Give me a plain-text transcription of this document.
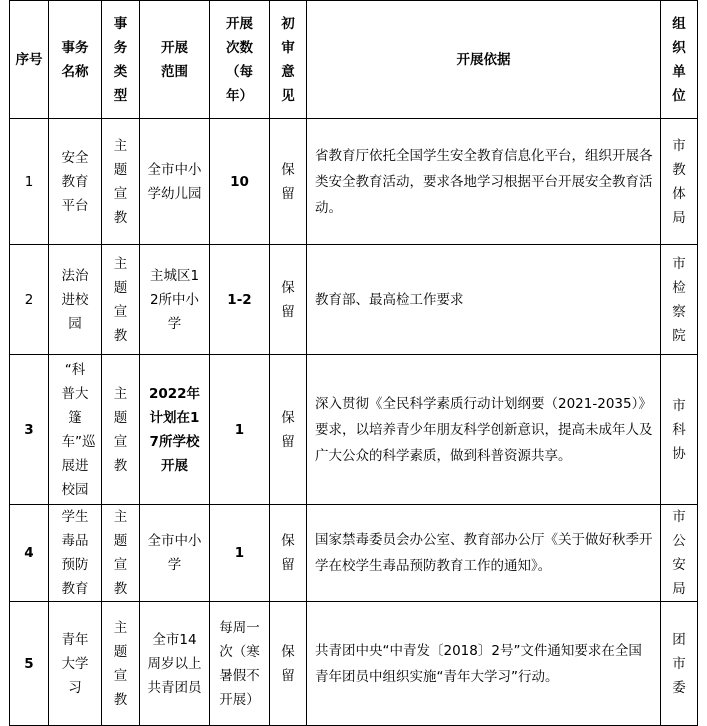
序号	事务名称	事务类型	开展范围	开展次数（每年）	初审意见	开展依据	组织单位
1	安全教育平台	主题宣教	全市中小学幼儿园	10	保留	省教育厅依托全国学生安全教育信息化平台，组织开展各类安全教育活动，要求各地学习根据平台开展安全教育活动。	市教体局
2	法治进校园	主题宣教	主城区12所中小学	1-2	保留	教育部、最高检工作要求	市检察院
3	“科普大篷车”巡展进校园	主题宣教	2022年计划在17所学校开展	1	保留	深入贯彻《全民科学素质行动计划纲要（2021-2035）》要求，以培养青少年朋友科学创新意识，提高未成年人及广大公众的科学素质，做到科普资源共享。	市科协
4	学生毒品预防教育	主题宣教	全市中小学	1	保留	国家禁毒委员会办公室、教育部办公厅《关于做好秋季开学在校学生毒品预防教育工作的通知》。	市公安局
5	青年大学习	主题宣教	全市14周岁以上共青团员	每周一次（寒暑假不开展）	保留	共青团中央“中青发〔2018〕2号”文件通知要求在全国青年团员中组织实施“青年大学习”行动。	团市委
